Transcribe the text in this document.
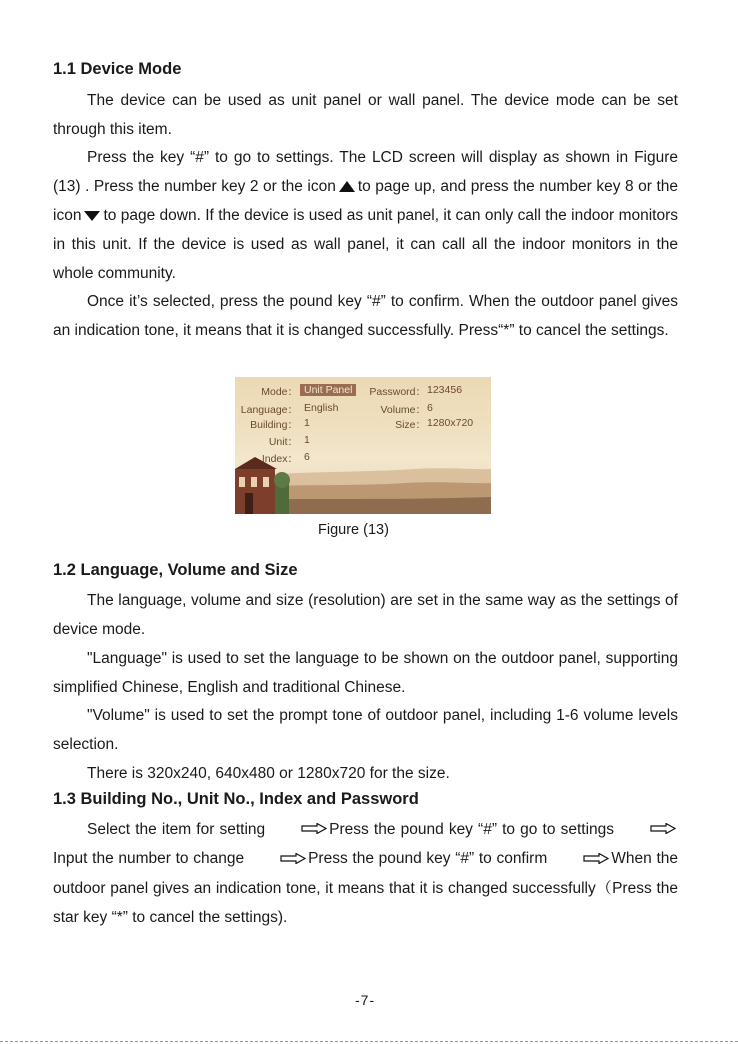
1.1 Device Mode

The device can be used as unit panel or wall panel. The device mode can be set through this item.

Press the key “#” to go to settings. The LCD screen will display as shown in Figure (13) . Press the number key 2 or the icon to page up, and press the number key 8 or the icon to page down. If the device is used as unit panel, it can only call the indoor monitors in this unit. If the device is used as wall panel, it can call all the indoor monitors in the whole community.

Once it’s selected, press the pound key “#” to confirm. When the outdoor panel gives an indication tone, it means that it is changed successfully. Press“*” to cancel the settings.

Mode： Unit Panel	Password： 123456
Language： English	Volume： 6
Building： 1	Size： 1280x720
Unit： 1
Index： 6
Figure (13)
1.2 Language, Volume and Size

The language, volume and size (resolution) are set in the same way as the settings of device mode.

"Language" is used to set the language to be shown on the outdoor panel, supporting simplified Chinese, English and traditional Chinese.

"Volume" is used to set the prompt tone of outdoor panel, including 1-6 volume levels selection.

There is 320x240, 640x480 or 1280x720 for the size.

1.3 Building No., Unit No., Index and Password

Select the item for setting	Press the pound key “#” to go to settingsInput the number to change	Press the pound key “#” to confirm	When the outdoor panel gives an indication tone, it means that it is changed successfully（Press the star key “*” to cancel the settings).

-7-
